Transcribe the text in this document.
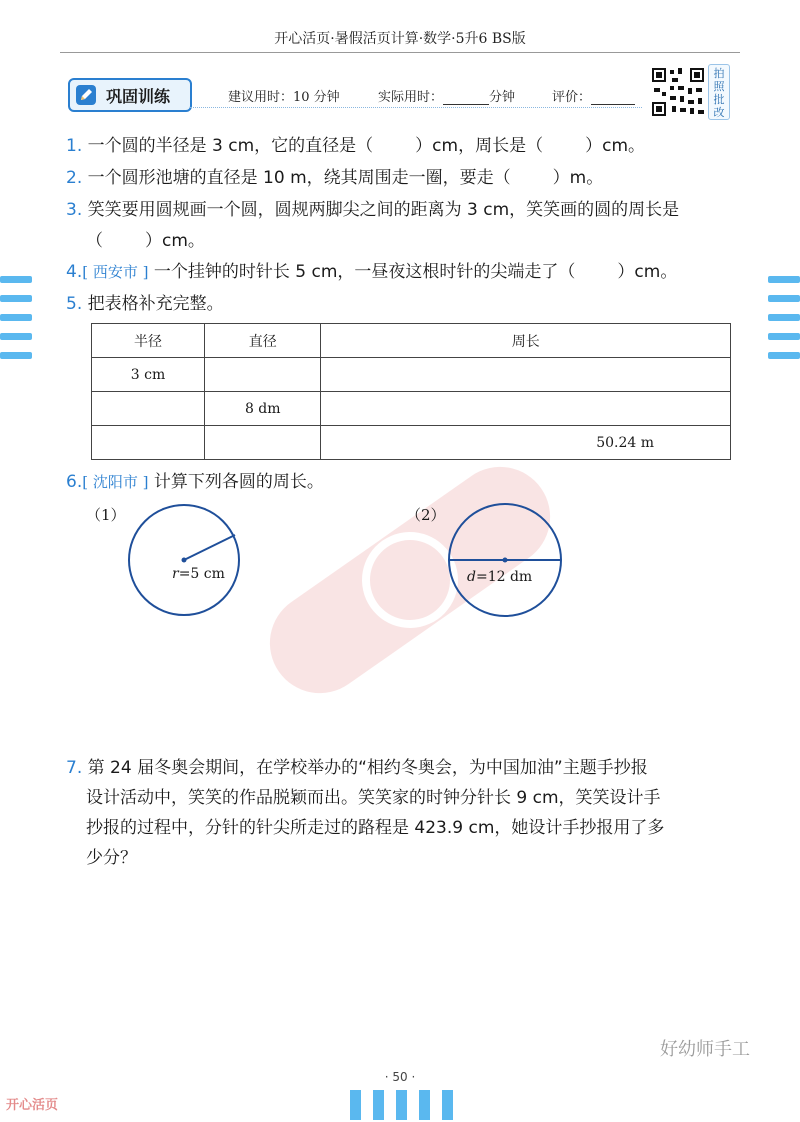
开心活页·暑假活页计算·数学·5升6 BS版
巩固训练	建议用时：10 分钟	实际用时：	分钟	评价：
拍
照
批
改
1. 一个圆的半径是 3 cm，它的直径是（ ）cm，周长是（ ）cm。
2. 一个圆形池塘的直径是 10 m，绕其周围走一圈，要走（ ）m。
3. 笑笑要用圆规画一个圆，圆规两脚尖之间的距离为 3 cm，笑笑画的圆的周长是
（ ）cm。
4.[ 西安市 ] 一个挂钟的时针长 5 cm，一昼夜这根时针的尖端走了（ ）cm。
5. 把表格补充完整。
半径	直径	周长
3 cm		
	8 dm	
		50.24 m
6.[ 沈阳市 ] 计算下列各圆的周长。
（1）
r=5 cm
（2）
d=12 dm
7. 第 24 届冬奥会期间，在学校举办的“相约冬奥会，为中国加油”主题手抄报
设计活动中，笑笑的作品脱颖而出。笑笑家的时钟分针长 9 cm，笑笑设计手
抄报的过程中，分针的针尖所走过的路程是 423.9 cm，她设计手抄报用了多
少分？
好幼师手工
· 50 ·
开心活页
